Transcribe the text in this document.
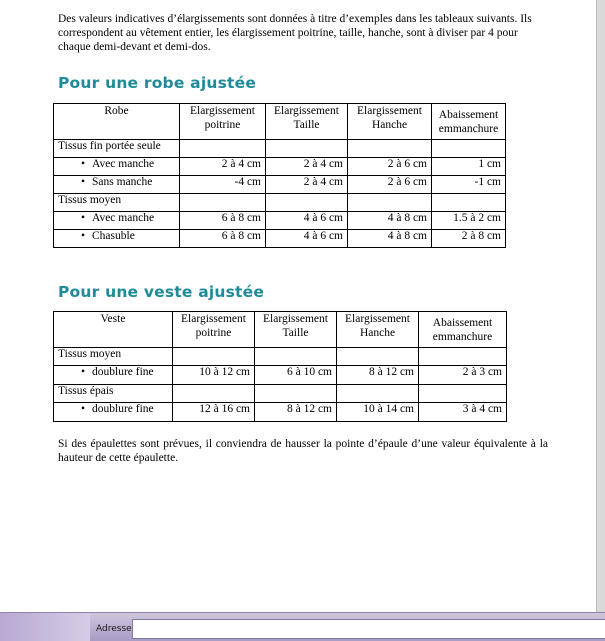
Des valeurs indicatives d’élargissements sont données à titre d’exemples dans les tableaux suivants. Ils correspondent au vêtement entier, les élargissement poitrine, taille, hanche, sont à diviser par 4 pour chaque demi-devant et demi-dos.
Pour une robe ajustée
Robe	Elargissement poitrine	Elargissement Taille	Elargissement Hanche	Abaissement emmanchure
Tissus fin portée seule				
• Avec manche	2 à 4 cm	2 à 4 cm	2 à 6 cm	1 cm
• Sans manche	-4 cm	2 à 4 cm	2 à 6 cm	-1 cm
Tissus moyen				
• Avec manche	6 à 8 cm	4 à 6 cm	4 à 8 cm	1.5 à 2 cm
• Chasuble	6 à 8 cm	4 à 6 cm	4 à 8 cm	2 à 8 cm
Pour une veste ajustée
Veste	Elargissement poitrine	Elargissement Taille	Elargissement Hanche	Abaissement emmanchure
Tissus moyen				
• doublure fine	10 à 12 cm	6 à 10 cm	8 à 12 cm	2 à 3 cm
Tissus épais				
• doublure fine	12 à 16 cm	8 à 12 cm	10 à 14 cm	3 à 4 cm
Si des épaulettes sont prévues, il conviendra de hausser la pointe d’épaule d’une valeur équivalente à la hauteur de cette épaulette.
Adresse
